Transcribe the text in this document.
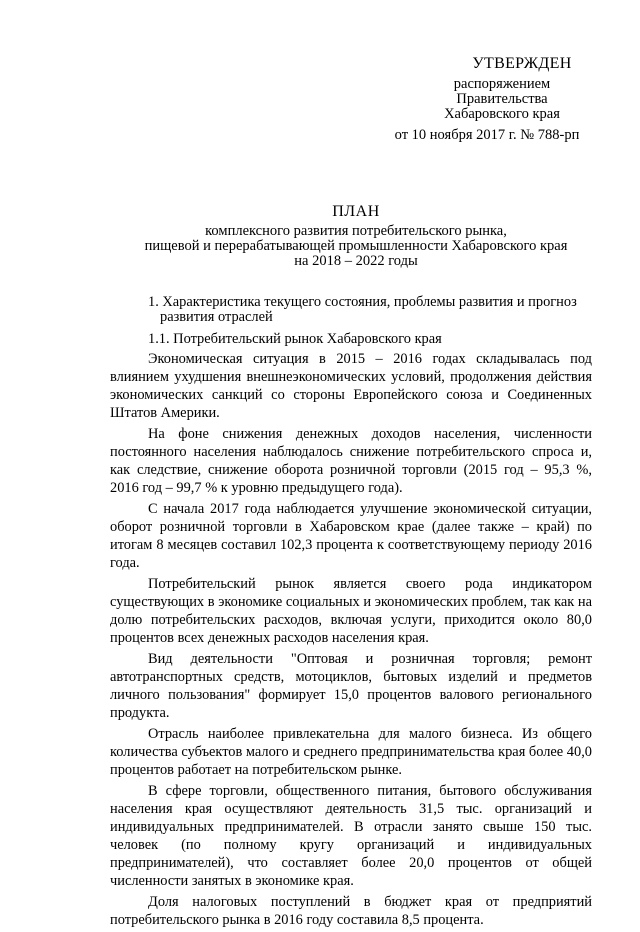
УТВЕРЖДЕН
распоряжением
Правительства
Хабаровского края
от 10 ноября 2017 г. № 788-рп
ПЛАН
комплексного развития потребительского рынка,
пищевой и перерабатывающей промышленности Хабаровского края
на 2018 – 2022 годы
1. Характеристика текущего состояния, проблемы развития и прогноз
развития отраслей
1.1. Потребительский рынок Хабаровского края

Экономическая ситуация в 2015 – 2016 годах складывалась под влиянием ухудшения внешнеэкономических условий, продолжения действия экономических санкций со стороны Европейского союза и Соединенных Штатов Америки.

На фоне снижения денежных доходов населения, численности постоянного населения наблюдалось снижение потребительского спроса и, как следствие, снижение оборота розничной торговли (2015 год – 95,3 %, 2016 год – 99,7 % к уровню предыдущего года).

С начала 2017 года наблюдается улучшение экономической ситуации, оборот розничной торговли в Хабаровском крае (далее также – край) по итогам 8 месяцев составил 102,3 процента к соответствующему периоду 2016 года.

Потребительский рынок является своего рода индикатором существующих в экономике социальных и экономических проблем, так как на долю потребительских расходов, включая услуги, приходится около 80,0 процентов всех денежных расходов населения края.

Вид деятельности "Оптовая и розничная торговля; ремонт автотранспортных средств, мотоциклов, бытовых изделий и предметов личного пользования" формирует 15,0 процентов валового регионального продукта.

Отрасль наиболее привлекательна для малого бизнеса. Из общего количества субъектов малого и среднего предпринимательства края более 40,0 процентов работает на потребительском рынке.

В сфере торговли, общественного питания, бытового обслуживания населения края осуществляют деятельность 31,5 тыс. организаций и индивидуальных предпринимателей. В отрасли занято свыше 150 тыс. человек (по полному кругу организаций и индивидуальных предпринимателей), что составляет более 20,0 процентов от общей численности занятых в экономике края.

Доля налоговых поступлений в бюджет края от предприятий потребительского рынка в 2016 году составила 8,5 процента.
